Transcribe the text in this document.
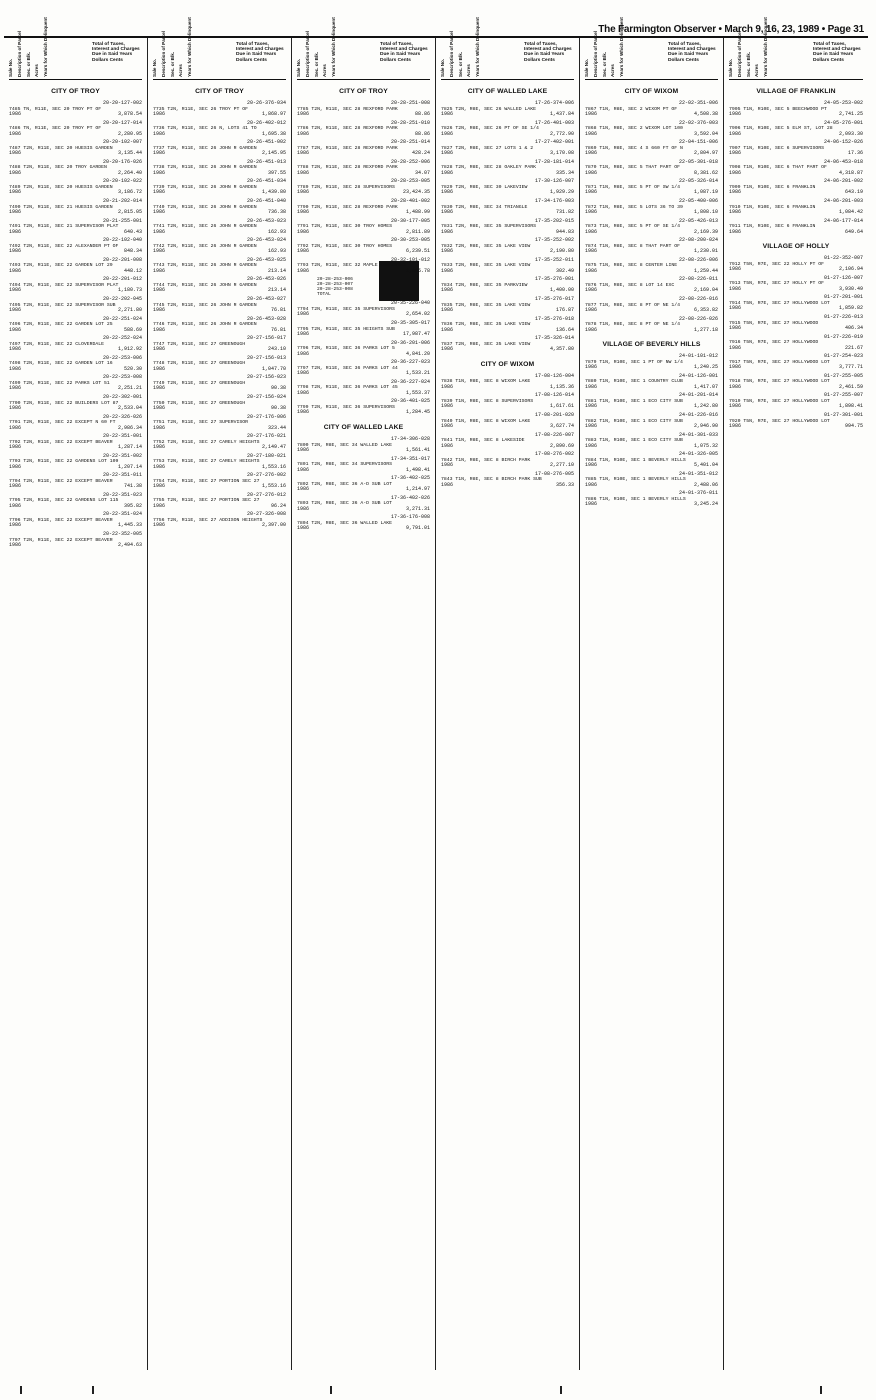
The Farmington Observer • March 9, 16, 23, 1989 • Page 31
Sale No. Description of Parcel Sec. or Blk. Acres Years for Which Delinquent	Total of Taxes, Interest and Charges Due in Said Years Dollars Cents
CITY OF TROY
20-20-127-002
7485 TN, R11E, SEC 20 TROY PT OF
1986	3,878.54
20-20-127-014
7486 TN, R11E, SEC 20 TROY PT OF
1986	2,280.95
20-20-102-007
7487 T2N, R11E, SEC 20 HUESIS GARDEN
1986	3,135.44
20-20-176-026
7488 T2N, R11E, SEC 20 TROY GARDEN
1986	2,264.40
20-20-102-022
7489 T2N, R11E, SEC 20 HUESIS GARDEN
1986	3,186.72
20-21-202-014
7490 T2N, R11E, SEC 21 HUESIS GARDEN
1986	2,815.05
20-21-255-001
7491 T2N, R11E, SEC 21 SUPERVISOR PLAT
1986	640.43
20-22-102-040
7492 T2N, R11E, SEC 22 ALEXANDER PT OF
1986	848.34
20-22-201-008
7493 T2N, R11E, SEC 22 GARDEN LOT 29
1986	448.12
20-22-201-012
7494 T2N, R11E, SEC 22 SUPERVISOR PLAT
1986	1,180.73
20-22-202-045
7495 T2N, R11E, SEC 22 SUPERVISOR SUB
1986	2,271.80
20-22-251-024
7496 T2N, R11E, SEC 22 GARDEN LOT 25
1986	588.69
20-22-252-024
7497 T2N, R11E, SEC 22 CLOVERDALE
1986	1,912.92
20-22-253-006
7498 T2N, R11E, SEC 22 GARDEN LOT 16
1986	520.30
20-22-253-008
7499 T2N, R11E, SEC 22 PARKS LOT 51
1986	2,251.21
20-22-302-001
7700 T2N, R11E, SEC 22 BUILDERS LOT 87
1986	2,533.04
20-22-326-026
7701 T2N, R11E, SEC 22 EXCEPT N 60 FT
1986	2,986.34
20-22-351-001
7702 T2N, R11E, SEC 22 EXCEPT BEAVER
1986	1,287.14
20-22-351-002
7703 T2N, R11E, SEC 22 GARDENS LOT 109
1986	1,207.14
20-22-351-011
7704 T2N, R11E, SEC 22 EXCEPT BEAVER
1986	741.38
20-22-351-023
7705 T2N, R11E, SEC 22 GARDENS LOT 115
1986	395.82
20-22-351-024
7706 T2N, R11E, SEC 22 EXCEPT BEAVER
1986	1,445.33
20-22-352-005
7707 T2N, R11E, SEC 22 EXCEPT BEAVER
1986	2,494.63
Sale No. Description of Parcel Sec. or Blk. Acres Years for Which Delinquent	Total of Taxes, Interest and Charges Due in Said Years Dollars Cents
CITY OF TROY
20-26-376-034
7735 T2N, R11E, SEC 26 TROY PT OF
1986	1,868.97
20-26-402-012
7736 T2N, R11E, SEC 26 N, LOTS 41 TO
1986	1,695.38
20-26-451-002
7737 T2N, R11E, SEC 26 JOHN R GARDEN
1986	2,145.95
20-26-451-013
7738 T2N, R11E, SEC 26 JOHN R GARDEN
1986	397.55
20-26-451-034
7739 T2N, R11E, SEC 26 JOHN R GARDEN
1986	1,439.80
20-26-451-040
7740 T2N, R11E, SEC 26 JOHN R GARDEN
1986	736.38
20-26-453-023
7741 T2N, R11E, SEC 26 JOHN R GARDEN
1986	162.93
20-26-453-024
7742 T2N, R11E, SEC 26 JOHN R GARDEN
1986	162.93
20-26-453-025
7743 T2N, R11E, SEC 26 JOHN R GARDEN
1986	213.14
20-26-453-026
7744 T2N, R11E, SEC 26 JOHN R GARDEN
1986	213.14
20-26-453-027
7745 T2N, R11E, SEC 26 JOHN R GARDEN
1986	76.81
20-26-453-028
7746 T2N, R11E, SEC 26 JOHN R GARDEN
1986	76.81
20-27-156-017
7747 T2N, R11E, SEC 27 GREENOUGH
1986	243.10
20-27-156-013
7748 T2N, R11E, SEC 27 GREENOUGH
1986	1,047.70
20-27-156-023
7749 T2N, R11E, SEC 27 GREENOUGH
1986	90.38
20-27-156-024
7750 T2N, R11E, SEC 27 GREENOUGH
1986	90.38
20-27-176-006
7751 T2N, R11E, SEC 27 SUPERVISOR
1986	323.44
20-27-176-021
7752 T2N, R11E, SEC 27 CARELY HEIGHTS
1986	2,149.47
20-27-180-021
7753 T2N, R11E, SEC 27 CARELY HEIGHTS
1986	1,553.16
20-27-276-002
7754 T2N, R11E, SEC 27 PORTION SEC 27
1986	1,553.16
20-27-276-012
7755 T2N, R11E, SEC 27 PORTION SEC 27
1986	96.24
20-27-326-008
7756 T2N, R11E, SEC 27 ADDISON HEIGHTS
1986	2,397.00
Sale No. Description of Parcel Sec. or Blk. Acres Years for Which Delinquent	Total of Taxes, Interest and Charges Due in Said Years Dollars Cents
CITY OF TROY
20-28-251-008
7785 T2N, R11E, SEC 28 REXFORD PARK
1986	88.86
20-28-251-010
7786 T2N, R11E, SEC 28 REXFORD PARK
1986	88.86
20-28-251-014
7787 T2N, R11E, SEC 28 REXFORD PARK
1986	428.24
20-28-252-006
7788 T2N, R11E, SEC 28 REXFORD PARK
1986	34.07
20-28-253-005
7789 T2N, R11E, SEC 28 SUPERVISORS
1986	23,424.35
20-28-401-002
7790 T2N, R11E, SEC 28 REXFORD PARK
1986	1,488.99
20-30-177-005
7791 T2N, R11E, SEC 30 TROY HOMES
1986	2,811.89
20-30-253-005
7792 T2N, R11E, SEC 30 TROY HOMES
1986	6,239.51
20-32-101-012
7793 T2N, R11E, SEC 32 MAPLE CONCOURSE
1986	2,005.78
20-28-253-006
20-28-253-007
20-28-253-008
TOTAL
20-35-226-040
7794 T2N, R11E, SEC 35 SUPERVISORS
1986	2,654.02
20-35-305-017
7795 T2N, R11E, SEC 35 HEIGHTS SUB
1986	17,987.47
20-36-201-006
7796 T2N, R11E, SEC 36 PARKS LOT 5
1986	4,841.20
20-36-227-023
7797 T2N, R11E, SEC 36 PARKS LOT 44
1986	1,533.21
20-36-227-024
7798 T2N, R11E, SEC 36 PARKS LOT 45
1986	1,553.37
20-36-401-025
7799 T2N, R11E, SEC 36 SUPERVISORS
1986	1,284.45
CITY OF WALLED LAKE
17-34-306-028
7800 T2N, R8E, SEC 34 WALLED LAKE
1986	1,561.41
17-34-351-017
7801 T2N, R8E, SEC 34 SUPERVISORS
1986	1,498.41
17-36-402-025
7802 T2N, R8E, SEC 36 A-D SUB LOT
1986	1,214.97
17-36-402-026
7803 T2N, R8E, SEC 36 A-D SUB LOT
1986	3,271.31
17-36-176-008
7804 T2N, R8E, SEC 36 WALLED LAKE
1986	9,791.01
Sale No. Description of Parcel Sec. or Blk. Acres Years for Which Delinquent	Total of Taxes, Interest and Charges Due in Said Years Dollars Cents
CITY OF WALLED LAKE
17-26-374-006
7825 T2N, R8E, SEC 26 WALLED LAKE
1986	1,437.84
17-26-401-003
7826 T2N, R8E, SEC 26 PT OF SE 1/4
1986	2,772.90
17-27-402-001
7827 T2N, R8E, SEC 27 LOTS 1 & 2
1986	3,170.08
17-28-181-014
7828 T2N, R8E, SEC 28 OAKLEY PARK
1986	335.34
17-30-126-007
7829 T2N, R8E, SEC 30 LAKEVIEW
1986	1,929.29
17-34-176-003
7830 T2N, R8E, SEC 34 TRIANGLE
1986	731.82
17-35-202-015
7831 T2N, R8E, SEC 35 SUPERVISORS
1986	944.83
17-35-252-002
7832 T2N, R8E, SEC 35 LAKE VIEW
1986	2,190.80
17-35-252-011
7833 T2N, R8E, SEC 35 LAKE VIEW
1986	302.49
17-35-276-001
7834 T2N, R8E, SEC 35 PARKVIEW
1986	1,400.00
17-35-276-017
7835 T2N, R8E, SEC 35 LAKE VIEW
1986	176.87
17-35-276-018
7836 T2N, R8E, SEC 35 LAKE VIEW
1986	136.64
17-35-326-014
7837 T2N, R8E, SEC 35 LAKE VIEW
1986	4,357.80
CITY OF WIXOM
17-08-126-004
7838 T1N, R8E, SEC 8 WIXOM LAKE
1986	1,135.36
17-08-126-014
7839 T1N, R8E, SEC 8 SUPERVISORS
1986	1,617.61
17-08-201-020
7840 T1N, R8E, SEC 8 WIXOM LAKE
1986	3,627.74
17-08-226-007
7841 T1N, R8E, SEC 8 LAKESIDE
1986	2,890.69
17-08-276-002
7842 T1N, R8E, SEC 8 BIRCH PARK
1986	2,277.10
17-08-276-005
7843 T1N, R8E, SEC 8 BIRCH PARK SUB
1986	356.33
Sale No. Description of Parcel Sec. or Blk. Acres Years for Which Delinquent	Total of Taxes, Interest and Charges Due in Said Years Dollars Cents
CITY OF WIXOM
22-02-351-006
7867 T1N, R8E, SEC 2 WIXOM PT OF
1986	4,508.38
22-02-376-003
7868 T1N, R8E, SEC 2 WIXOM LOT 100
1986	3,592.04
22-04-151-006
7869 T1N, R8E, SEC 4 S 660 FT OF N
1986	2,804.97
22-05-301-018
7870 T1N, R8E, SEC 5 THAT PART OF
1986	8,381.62
22-05-326-014
7871 T1N, R8E, SEC 5 PT OF SW 1/4
1986	1,087.19
22-05-400-006
7872 T1N, R8E, SEC 5 LOTS 36 TO 39
1986	1,808.10
22-05-426-013
7873 T1N, R8E, SEC 5 PT OF SE 1/4
1986	2,169.39
22-08-200-024
7874 T1N, R8E, SEC 8 THAT PART OF
1986	1,230.01
22-08-226-006
7875 T1N, R8E, SEC 8 CENTER LINE
1986	1,259.44
22-08-226-011
7876 T1N, R8E, SEC 8 LOT 14 EXC
1986	2,169.04
22-08-226-016
7877 T1N, R8E, SEC 8 PT OF NE 1/4
1986	6,353.82
22-08-226-026
7878 T1N, R8E, SEC 8 PT OF NE 1/4
1986	1,277.18
VILLAGE OF BEVERLY HILLS
24-01-101-012
7879 T1N, R10E, SEC 1 PT OF NW 1/4
1986	1,240.25
24-01-126-001
7880 T1N, R10E, SEC 1 COUNTRY CLUB
1986	1,417.07
24-01-201-014
7881 T1N, R10E, SEC 1 ECO CITY SUB
1986	1,242.80
24-01-226-016
7882 T1N, R10E, SEC 1 ECO CITY SUB
1986	2,946.90
24-01-301-033
7883 T1N, R10E, SEC 1 ECO CITY SUB
1986	1,075.32
24-01-326-005
7884 T1N, R10E, SEC 1 BEVERLY HILLS
1986	5,401.04
24-01-351-012
7885 T1N, R10E, SEC 1 BEVERLY HILLS
1986	2,488.06
24-01-376-011
7886 T1N, R10E, SEC 1 BEVERLY HILLS
1986	3,245.24
Sale No. Description of Parcel Sec. or Blk. Acres Years for Which Delinquent	Total of Taxes, Interest and Charges Due in Said Years Dollars Cents
VILLAGE OF FRANKLIN
24-05-253-002
7905 T1N, R10E, SEC 5 BEECHWOOD PT
1986	2,741.25
24-05-276-001
7906 T1N, R10E, SEC 5 ELM ST, LOT 28
1986	2,093.30
24-06-152-026
7907 T1N, R10E, SEC 6 SUPERVISORS
1986	17.36
24-06-453-018
7908 T1N, R10E, SEC 6 THAT PART OF
1986	4,318.87
24-06-201-002
7909 T1N, R10E, SEC 6 FRANKLIN
1986	643.19
24-06-201-003
7910 T1N, R10E, SEC 6 FRANKLIN
1986	1,084.42
24-06-177-014
7911 T1N, R10E, SEC 6 FRANKLIN
1986	649.64
VILLAGE OF HOLLY
01-22-352-007
7912 T5N, R7E, SEC 22 HOLLY PT OF
1986	2,106.94
01-27-126-007
7913 T5N, R7E, SEC 27 HOLLY PT OF
1986	3,930.49
01-27-201-001
7914 T5N, R7E, SEC 27 HOLLYWOOD LOT
1986	1,859.82
01-27-226-013
7915 T5N, R7E, SEC 27 HOLLYWOOD
1986	406.34
01-27-226-019
7916 T5N, R7E, SEC 27 HOLLYWOOD
1986	221.67
01-27-254-023
7917 T5N, R7E, SEC 27 HOLLYWOOD LOT
1986	3,777.71
01-27-255-005
7918 T5N, R7E, SEC 27 HOLLYWOOD LOT
1986	2,461.59
01-27-255-007
7919 T5N, R7E, SEC 27 HOLLYWOOD LOT
1986	1,898.41
01-27-301-001
7920 T5N, R7E, SEC 27 HOLLYWOOD LOT
1986	994.75
